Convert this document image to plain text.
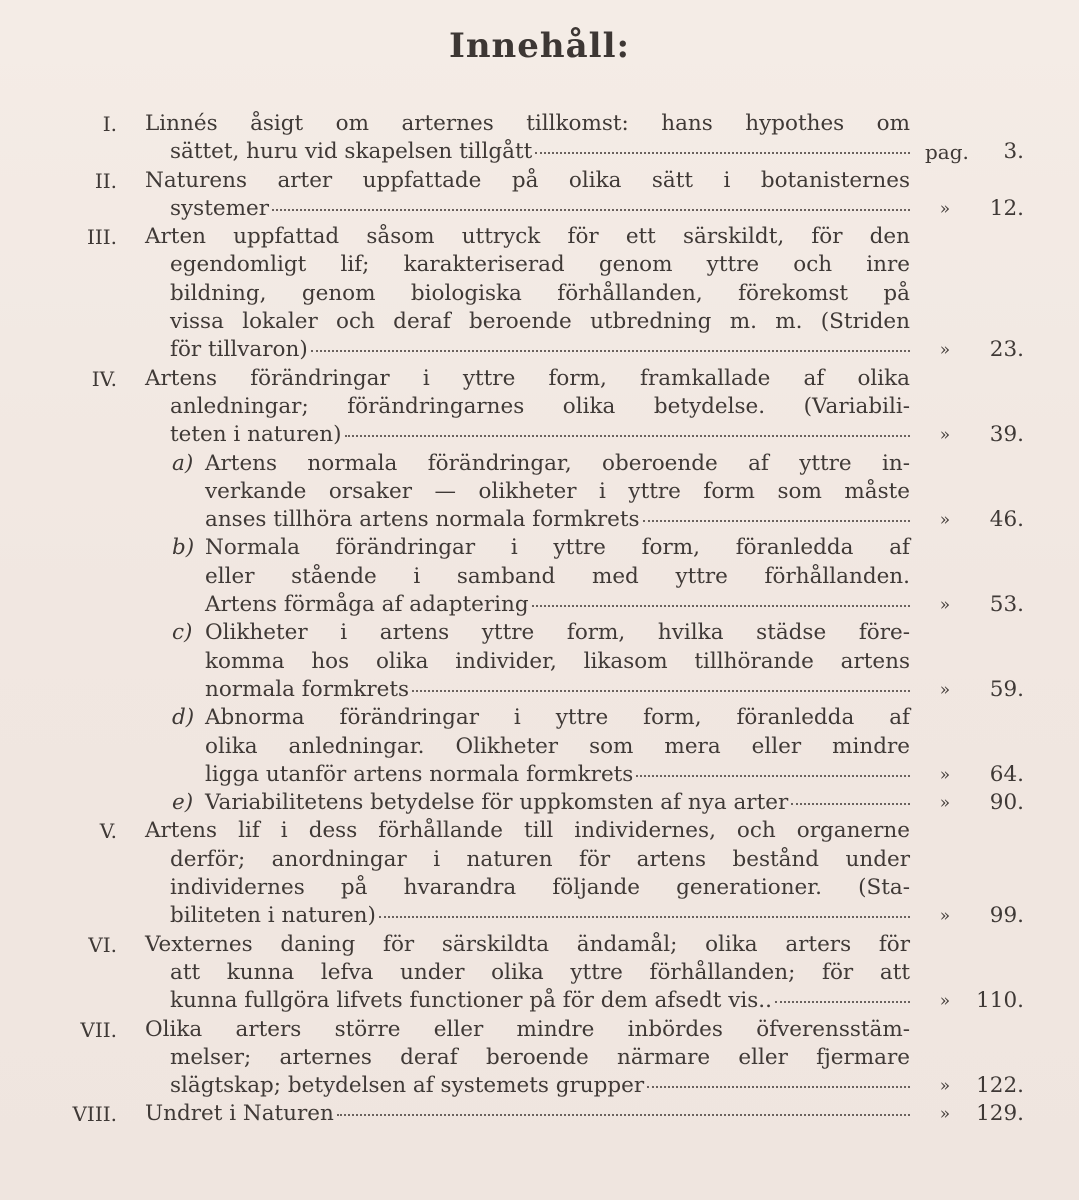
Innehåll:
I. Linnés åsigt om arternes tillkomst: hans hypothes om
sättet, huru vid skapelsen tillgått	pag.	3.
II. Naturens arter uppfattade på olika sätt i botanisternes
systemer	»	12.
III. Arten uppfattad såsom uttryck för ett särskildt, för den
egendomligt lif; karakteriserad genom yttre och inre
bildning, genom biologiska förhållanden, förekomst på
vissa lokaler och deraf beroende utbredning m. m. (Striden
för tillvaron)	»	23.
IV. Artens förändringar i yttre form, framkallade af olika
anledningar; förändringarnes olika betydelse. (Variabili-
teten i naturen)	»	39.
a) Artens normala förändringar, oberoende af yttre in-
verkande orsaker — olikheter i yttre form som måste
anses tillhöra artens normala formkrets	»	46.
b) Normala förändringar i yttre form, föranledda af
eller stående i samband med yttre förhållanden.
Artens förmåga af adaptering	»	53.
c) Olikheter i artens yttre form, hvilka städse före-
komma hos olika individer, likasom tillhörande artens
normala formkrets	»	59.
d) Abnorma förändringar i yttre form, föranledda af
olika anledningar. Olikheter som mera eller mindre
ligga utanför artens normala formkrets	»	64.
e) Variabilitetens betydelse för uppkomsten af nya arter	»	90.
V. Artens lif i dess förhållande till individernes, och organerne
derför; anordningar i naturen för artens bestånd under
individernes på hvarandra följande generationer. (Sta-
biliteten i naturen)	»	99.
VI. Vexternes daning för särskildta ändamål; olika arters för
att kunna lefva under olika yttre förhållanden; för att
kunna fullgöra lifvets functioner på för dem afsedt vis..	»	110.
VII. Olika arters större eller mindre inbördes öfverensstäm-
melser; arternes deraf beroende närmare eller fjermare
slägtskap; betydelsen af systemets grupper	»	122.
VIII. Undret i Naturen	»	129.
